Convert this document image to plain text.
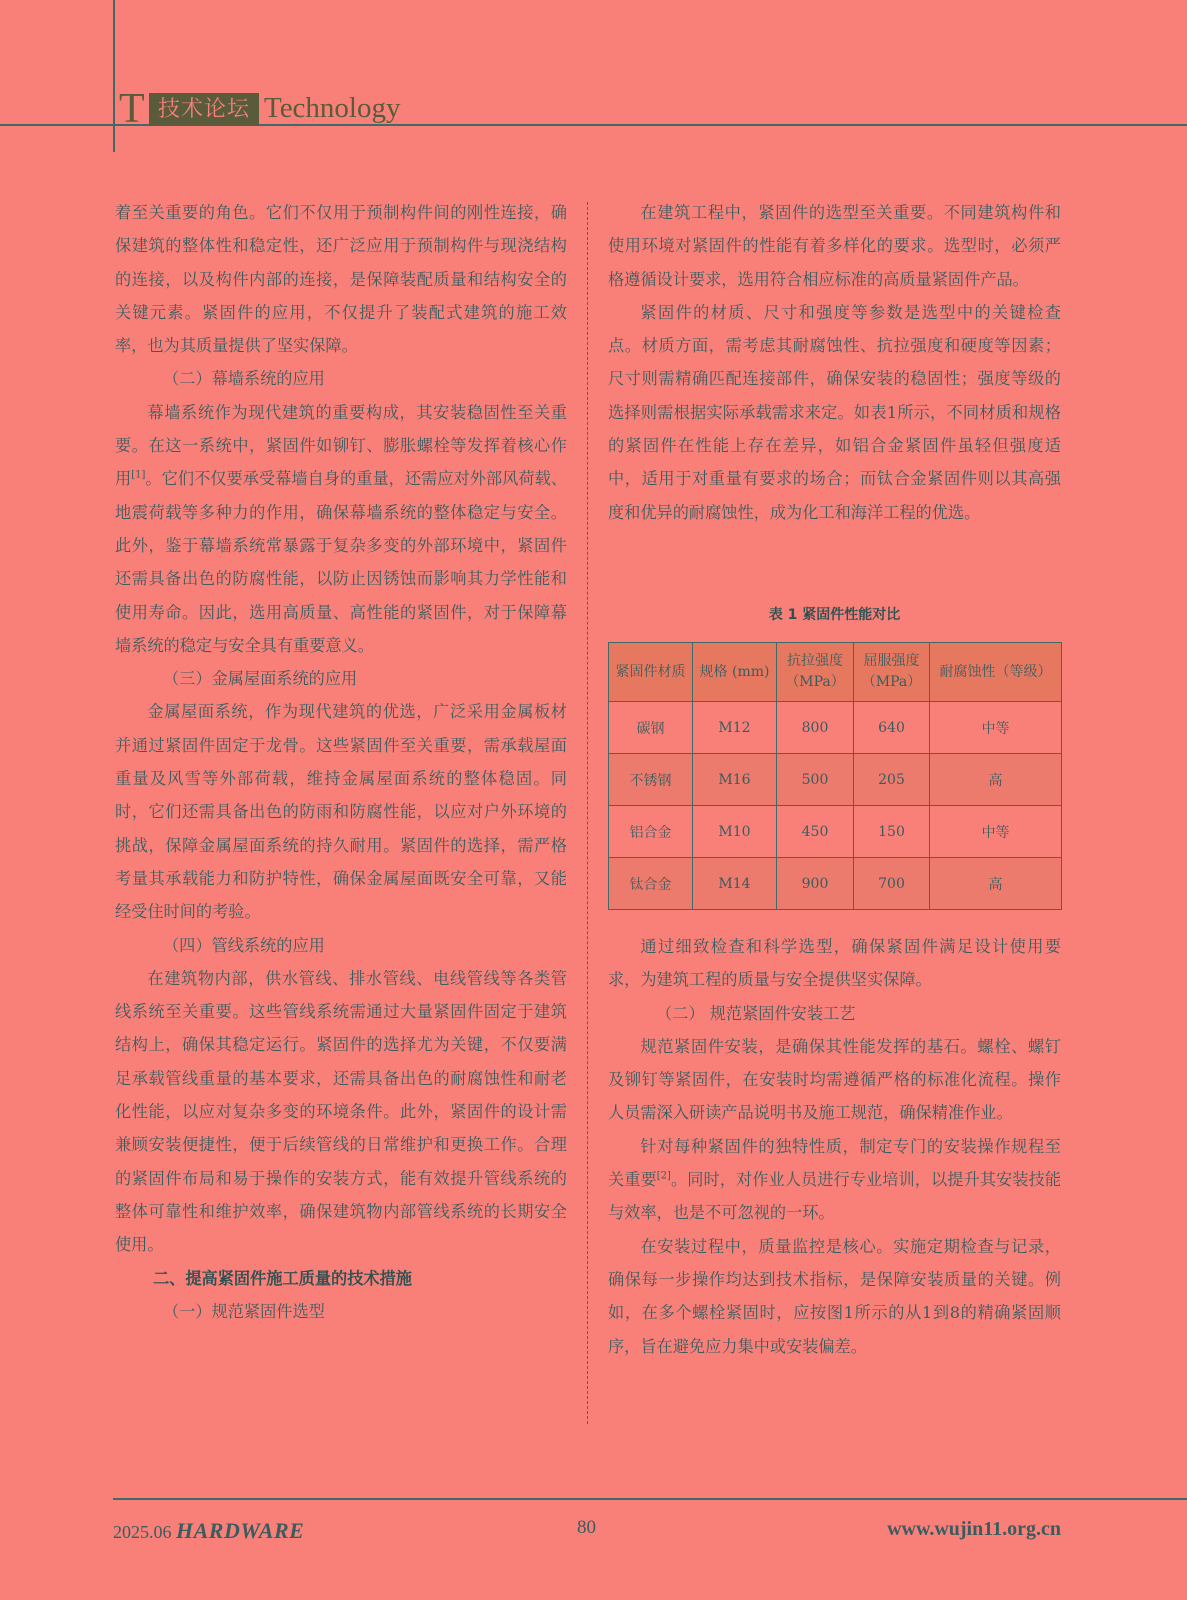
T 技术论坛 Technology

着至关重要的角色。它们不仅用于预制构件间的刚性连接，确保建筑的整体性和稳定性，还广泛应用于预制构件与现浇结构的连接，以及构件内部的连接，是保障装配质量和结构安全的关键元素。紧固件的应用，不仅提升了装配式建筑的施工效率，也为其质量提供了坚实保障。

（二）幕墙系统的应用

幕墙系统作为现代建筑的重要构成，其安装稳固性至关重要。在这一系统中，紧固件如铆钉、膨胀螺栓等发挥着核心作用[1]。它们不仅要承受幕墙自身的重量，还需应对外部风荷载、地震荷载等多种力的作用，确保幕墙系统的整体稳定与安全。此外，鉴于幕墙系统常暴露于复杂多变的外部环境中，紧固件还需具备出色的防腐性能，以防止因锈蚀而影响其力学性能和使用寿命。因此，选用高质量、高性能的紧固件，对于保障幕墙系统的稳定与安全具有重要意义。

（三）金属屋面系统的应用

金属屋面系统，作为现代建筑的优选，广泛采用金属板材并通过紧固件固定于龙骨。这些紧固件至关重要，需承载屋面重量及风雪等外部荷载，维持金属屋面系统的整体稳固。同时，它们还需具备出色的防雨和防腐性能，以应对户外环境的挑战，保障金属屋面系统的持久耐用。紧固件的选择，需严格考量其承载能力和防护特性，确保金属屋面既安全可靠，又能经受住时间的考验。

（四）管线系统的应用

在建筑物内部，供水管线、排水管线、电线管线等各类管线系统至关重要。这些管线系统需通过大量紧固件固定于建筑结构上，确保其稳定运行。紧固件的选择尤为关键，不仅要满足承载管线重量的基本要求，还需具备出色的耐腐蚀性和耐老化性能，以应对复杂多变的环境条件。此外，紧固件的设计需兼顾安装便捷性，便于后续管线的日常维护和更换工作。合理的紧固件布局和易于操作的安装方式，能有效提升管线系统的整体可靠性和维护效率，确保建筑物内部管线系统的长期安全使用。

二、提高紧固件施工质量的技术措施

（一）规范紧固件选型

在建筑工程中，紧固件的选型至关重要。不同建筑构件和使用环境对紧固件的性能有着多样化的要求。选型时，必须严格遵循设计要求，选用符合相应标准的高质量紧固件产品。

紧固件的材质、尺寸和强度等参数是选型中的关键检查点。材质方面，需考虑其耐腐蚀性、抗拉强度和硬度等因素；尺寸则需精确匹配连接部件，确保安装的稳固性；强度等级的选择则需根据实际承载需求来定。如表1所示，不同材质和规格的紧固件在性能上存在差异，如铝合金紧固件虽轻但强度适中，适用于对重量有要求的场合；而钛合金紧固件则以其高强度和优异的耐腐蚀性，成为化工和海洋工程的优选。

表 1 紧固件性能对比
紧固件材质	规格 (mm)	抗拉强度（MPa）	屈服强度（MPa）	耐腐蚀性（等级）
碳钢	M12	800	640	中等
不锈钢	M16	500	205	高
铝合金	M10	450	150	中等
钛合金	M14	900	700	高

通过细致检查和科学选型，确保紧固件满足设计使用要求，为建筑工程的质量与安全提供坚实保障。

（二） 规范紧固件安装工艺

规范紧固件安装，是确保其性能发挥的基石。螺栓、螺钉及铆钉等紧固件，在安装时均需遵循严格的标准化流程。操作人员需深入研读产品说明书及施工规范，确保精准作业。

针对每种紧固件的独特性质，制定专门的安装操作规程至关重要[2]。同时，对作业人员进行专业培训，以提升其安装技能与效率，也是不可忽视的一环。

在安装过程中，质量监控是核心。实施定期检查与记录，确保每一步操作均达到技术指标，是保障安装质量的关键。例如，在多个螺栓紧固时，应按图1所示的从1到8的精确紧固顺序，旨在避免应力集中或安装偏差。

2025.06 HARDWARE	80	www.wujin11.org.cn
